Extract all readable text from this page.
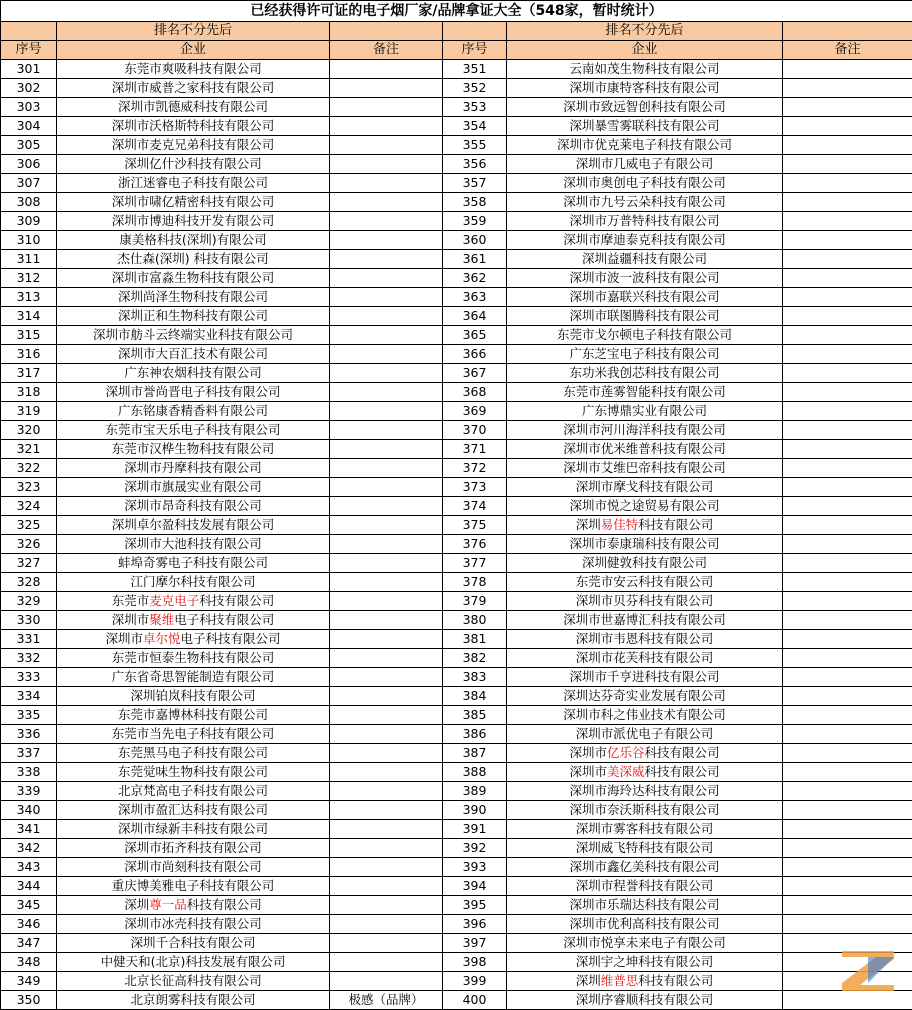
已经获得许可证的电子烟厂家/品牌拿证大全（548家，暂时统计）					
	排名不分先后			排名不分先后	
序号	企业	备注	序号	企业	备注
301	东莞市爽吸科技有限公司		351	云南如茂生物科技有限公司	
302	深圳市威普之家科技有限公司		352	深圳市康特客科技有限公司	
303	深圳市凯德威科技有限公司		353	深圳市致远智创科技有限公司	
304	深圳市沃格斯特科技有限公司		354	深圳暴雪雾联科技有限公司	
305	深圳市麦克兄弟科技有限公司		355	深圳市优克莱电子科技有限公司	
306	深圳亿什沙科技有限公司		356	深圳市几威电子有限公司	
307	浙江迷睿电子科技有限公司		357	深圳市奥创电子科技有限公司	
308	深圳市啸亿精密科技有限公司		358	深圳市九号云朵科技有限公司	
309	深圳市博迪科技开发有限公司		359	深圳市万普特科技有限公司	
310	康美格科技(深圳)有限公司		360	深圳市摩迪泰克科技有限公司	
311	杰仕森(深圳) 科技有限公司		361	深圳益疆科技有限公司	
312	深圳市富淼生物科技有限公司		362	深圳市波一波科技有限公司	
313	深圳尚泽生物科技有限公司		363	深圳市嘉联兴科技有限公司	
314	深圳正和生物科技有限公司		364	深圳市联图腾科技有限公司	
315	深圳市舫斗云终端实业科技有限公司		365	东莞市戈尔顿电子科技有限公司	
316	深圳市大百汇技术有限公司		366	广东芝宝电子科技有限公司	
317	广东神农烟科技有限公司		367	东功米我创芯科技有限公司	
318	深圳市誉尚晋电子科技有限公司		368	东莞市莲雾智能科技有限公司	
319	广东铭康香精香料有限公司		369	广东博鼎实业有限公司	
320	东莞市宝天乐电子科技有限公司		370	深圳市河川海洋科技有限公司	
321	东莞市汉桦生物科技有限公司		371	深圳市优米维普科技有限公司	
322	深圳市丹摩科技有限公司		372	深圳市艾维巴帝科技有限公司	
323	深圳市旗晟实业有限公司		373	深圳市摩戈科技有限公司	
324	深圳市昂奇科技有限公司		374	深圳市悦之途贸易有限公司	
325	深圳卓尔盈科技发展有限公司		375	深圳易佳特科技有限公司	
326	深圳市大池科技有限公司		376	深圳市泰康瑞科技有限公司	
327	蚌埠奇雾电子科技有限公司		377	深圳健敦科技有限公司	
328	江门摩尔科技有限公司		378	东莞市安云科技有限公司	
329	东莞市麦克电子科技有限公司		379	深圳市贝芬科技有限公司	
330	深圳市聚维电子科技有限公司		380	深圳市世嘉博汇科技有限公司	
331	深圳市卓尔悦电子科技有限公司		381	深圳市韦恩科技有限公司	
332	东莞市恒泰生物科技有限公司		382	深圳市花芙科技有限公司	
333	广东省奇思智能制造有限公司		383	深圳市千亨进科技有限公司	
334	深圳铂岚科技有限公司		384	深圳达芬奇实业发展有限公司	
335	东莞市嘉博林科技有限公司		385	深圳市科之伟业技术有限公司	
336	东莞市当先电子科技有限公司		386	深圳市派优电子有限公司	
337	东莞黑马电子科技有限公司		387	深圳市亿乐谷科技有限公司	
338	东莞觉味生物科技有限公司		388	深圳市美深威科技有限公司	
339	北京梵高电子科技有限公司		389	深圳市海玲达科技有限公司	
340	深圳市盈汇达科技有限公司		390	深圳市奈沃斯科技有限公司	
341	深圳市绿新丰科技有限公司		391	深圳市雾客科技有限公司	
342	深圳市拓齐科技有限公司		392	深圳威飞特科技有限公司	
343	深圳市尚刻科技有限公司		393	深圳市鑫亿美科技有限公司	
344	重庆博美雅电子科技有限公司		394	深圳市程誉科技有限公司	
345	深圳尊一品科技有限公司		395	深圳市乐瑞达科技有限公司	
346	深圳市冰壳科技有限公司		396	深圳市优利高科技有限公司	
347	深圳千合科技有限公司		397	深圳市悦享未来电子有限公司	
348	中健天和(北京)科技发展有限公司		398	深圳宇之坤科技有限公司	
349	北京长征高科技有限公司		399	深圳维普思科技有限公司	
350	北京朗雾科技有限公司	极感（品牌）	400	深圳序睿顺科技有限公司	
